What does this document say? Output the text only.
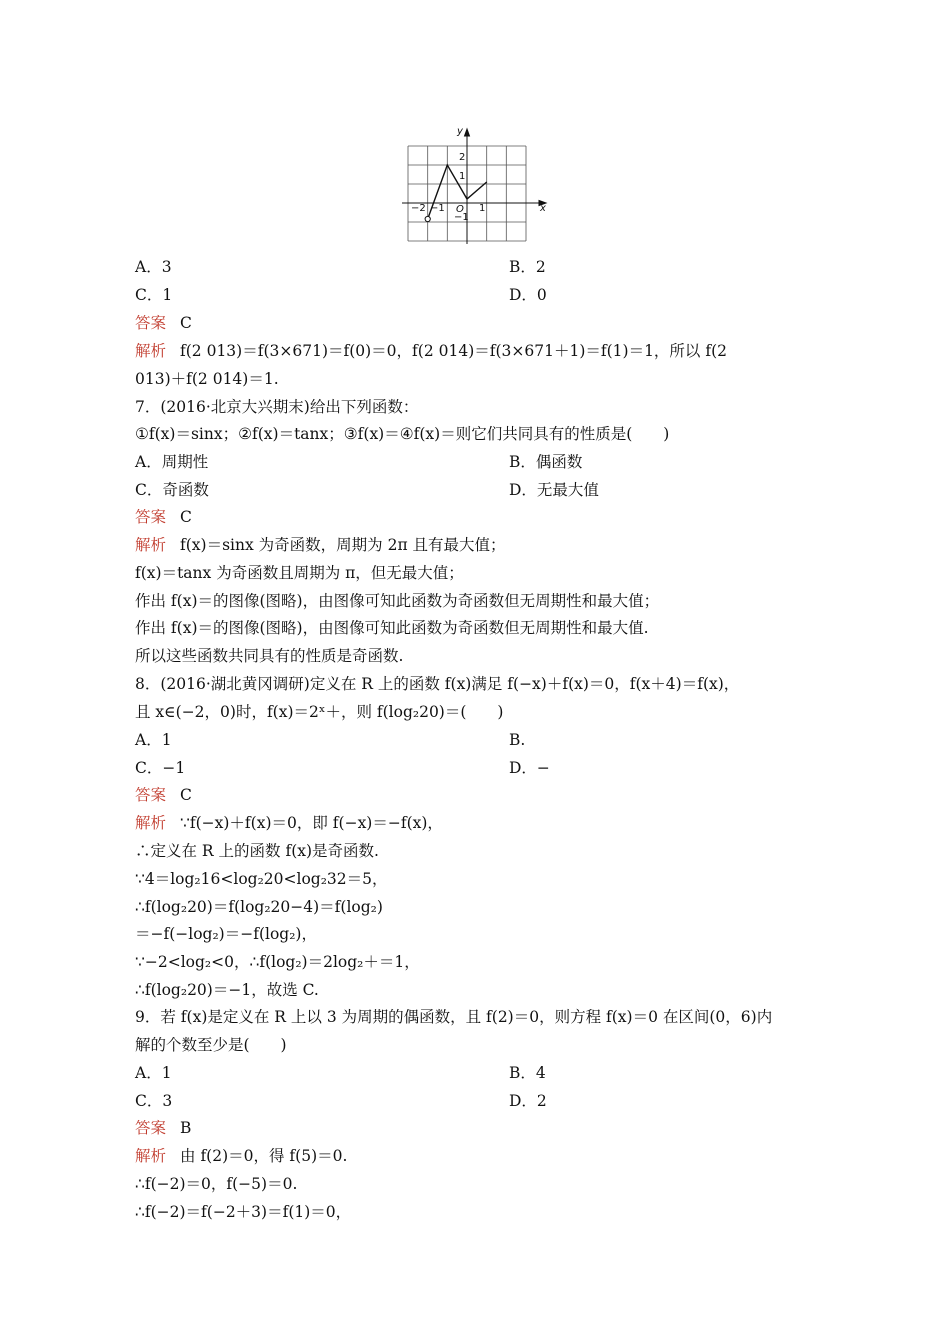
y
x
O
−2 −1	1
1
2
−1
A．3	B．2
C．1	D．0
答案 C
解析 f(2 013)＝f(3×671)＝f(0)＝0，f(2 014)＝f(3×671＋1)＝f(1)＝1，所以 f(2
013)＋f(2 014)＝1.
7．(2016·北京大兴期末)给出下列函数：
①f(x)＝sinx；②f(x)＝tanx；③f(x)＝④f(x)＝则它们共同具有的性质是(　　)
A．周期性	B．偶函数
C．奇函数	D．无最大值
答案 C
解析 f(x)＝sinx 为奇函数，周期为 2π 且有最大值；
f(x)＝tanx 为奇函数且周期为 π，但无最大值；
作出 f(x)＝的图像(图略)，由图像可知此函数为奇函数但无周期性和最大值；
作出 f(x)＝的图像(图略)，由图像可知此函数为奇函数但无周期性和最大值.
所以这些函数共同具有的性质是奇函数.
8．(2016·湖北黄冈调研)定义在 R 上的函数 f(x)满足 f(−x)＋f(x)＝0，f(x＋4)＝f(x)，
且 x∈(−2，0)时，f(x)＝2ˣ＋，则 f(log₂20)＝(　　)
A．1	B.
C．−1	D．−
答案 C
解析 ∵f(−x)＋f(x)＝0，即 f(−x)＝−f(x)，
∴定义在 R 上的函数 f(x)是奇函数.
∵4＝log₂16<log₂20<log₂32＝5，
∴f(log₂20)＝f(log₂20−4)＝f(log₂)
＝−f(−log₂)＝−f(log₂)，
∵−2<log₂<0，∴f(log₂)＝2log₂＋＝1，
∴f(log₂20)＝−1，故选 C.
9．若 f(x)是定义在 R 上以 3 为周期的偶函数，且 f(2)＝0，则方程 f(x)＝0 在区间(0，6)内
解的个数至少是(　　)
A．1	B．4
C．3	D．2
答案 B
解析 由 f(2)＝0，得 f(5)＝0.
∴f(−2)＝0，f(−5)＝0.
∴f(−2)＝f(−2＋3)＝f(1)＝0，
